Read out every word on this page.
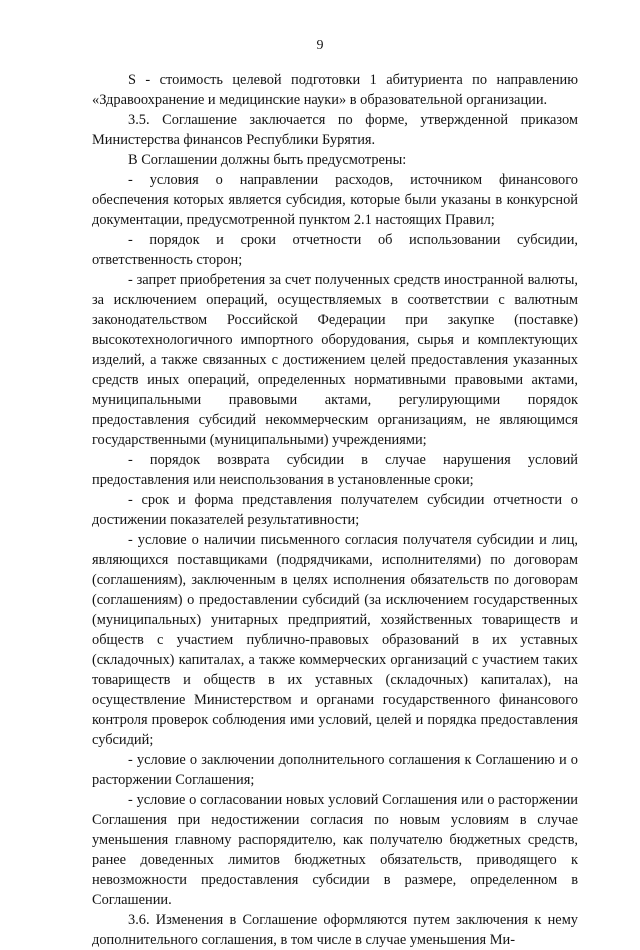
9

S - стоимость целевой подготовки 1 абитуриента по направлению «Здравоохранение и медицинские науки» в образовательной организации.

3.5. Соглашение заключается по форме, утвержденной приказом Министерства финансов Республики Бурятия.

В Соглашении должны быть предусмотрены:

- условия о направлении расходов, источником финансового обеспечения которых является субсидия, которые были указаны в конкурсной документации, предусмотренной пунктом 2.1 настоящих Правил;

- порядок и сроки отчетности об использовании субсидии, ответственность сторон;

- запрет приобретения за счет полученных средств иностранной валюты, за исключением операций, осуществляемых в соответствии с валютным законодательством Российской Федерации при закупке (поставке) высокотехнологичного импортного оборудования, сырья и комплектующих изделий, а также связанных с достижением целей предоставления указанных средств иных операций, определенных нормативными правовыми актами, муниципальными правовыми актами, регулирующими порядок предоставления субсидий некоммерческим организациям, не являющимся государственными (муниципальными) учреждениями;

- порядок возврата субсидии в случае нарушения условий предоставления или неиспользования в установленные сроки;

- срок и форма представления получателем субсидии отчетности о достижении показателей результативности;

- условие о наличии письменного согласия получателя субсидии и лиц, являющихся поставщиками (подрядчиками, исполнителями) по договорам (соглашениям), заключенным в целях исполнения обязательств по договорам (соглашениям) о предоставлении субсидий (за исключением государственных (муниципальных) унитарных предприятий, хозяйственных товариществ и обществ с участием публично-правовых образований в их уставных (складочных) капиталах, а также коммерческих организаций с участием таких товариществ и обществ в их уставных (складочных) капиталах), на осуществление Министерством и органами государственного финансового контроля проверок соблюдения ими условий, целей и порядка предоставления субсидий;

- условие о заключении дополнительного соглашения к Соглашению и о расторжении Соглашения;

- условие о согласовании новых условий Соглашения или о расторжении Соглашения при недостижении согласия по новым условиям в случае уменьшения главному распорядителю, как получателю бюджетных средств, ранее доведенных лимитов бюджетных обязательств, приводящего к невозможности предоставления субсидии в размере, определенном в Соглашении.

3.6. Изменения в Соглашение оформляются путем заключения к нему дополнительного соглашения, в том числе в случае уменьшения Ми-
